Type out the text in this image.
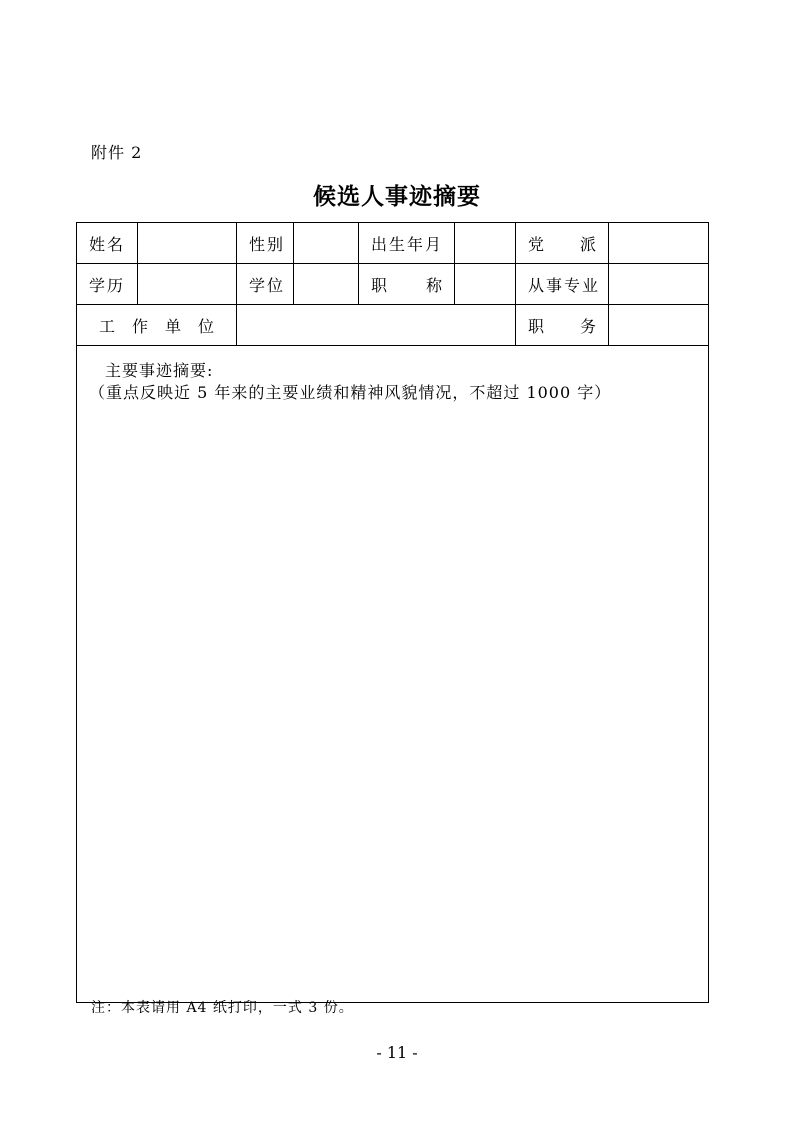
附件 2
候选人事迹摘要
姓名		性别		出生年月		党 派	

学历		学位		职 称		从事专业	

工 作 单 位						职 务	

主要事迹摘要:
（重点反映近 5 年来的主要业绩和精神风貌情况，不超过 1000 字）							
注：本表请用 A4 纸打印，一式 3 份。
- 11 -
